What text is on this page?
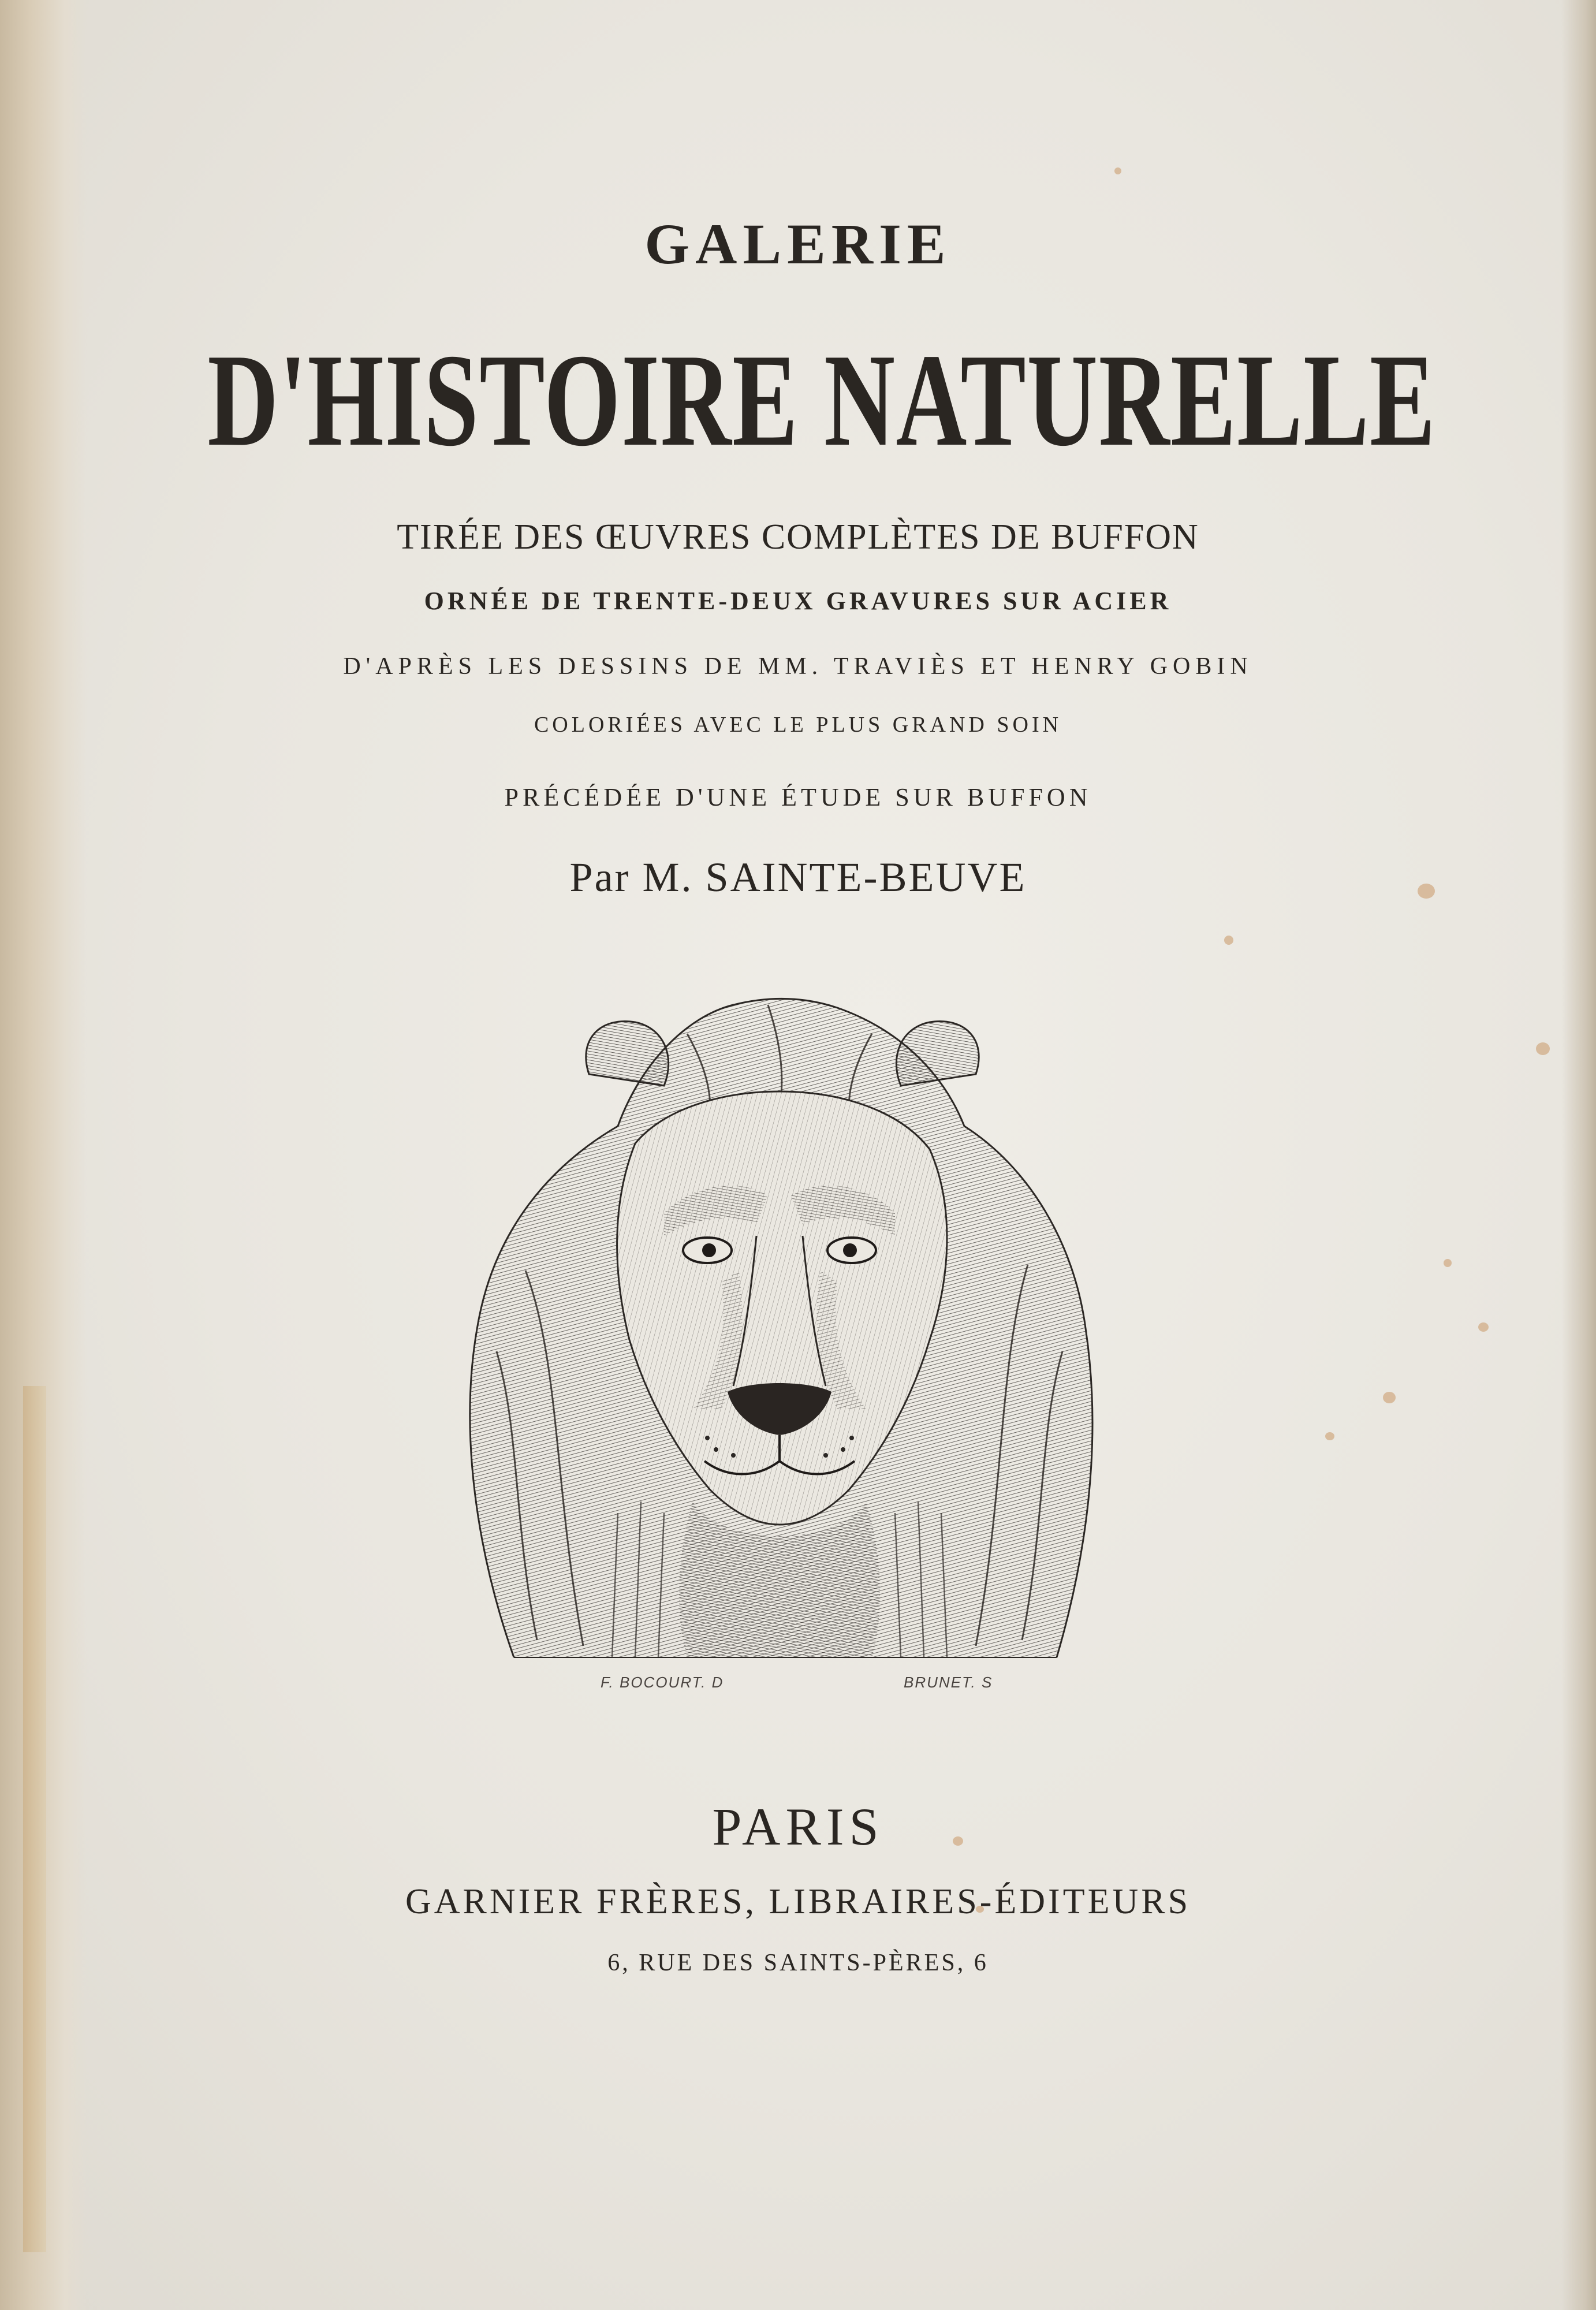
GALERIE
D'HISTOIRE NATURELLE
TIRÉE DES ŒUVRES COMPLÈTES DE BUFFON
ORNÉE DE TRENTE-DEUX GRAVURES SUR ACIER
D'APRÈS LES DESSINS DE MM. TRAVIÈS ET HENRY GOBIN
COLORIÉES AVEC LE PLUS GRAND SOIN
PRÉCÉDÉE D'UNE ÉTUDE SUR BUFFON
Par M. SAINTE-BEUVE
F. BOCOURT. D	BRUNET. S
PARIS
GARNIER FRÈRES, LIBRAIRES-ÉDITEURS
6, RUE DES SAINTS-PÈRES, 6
